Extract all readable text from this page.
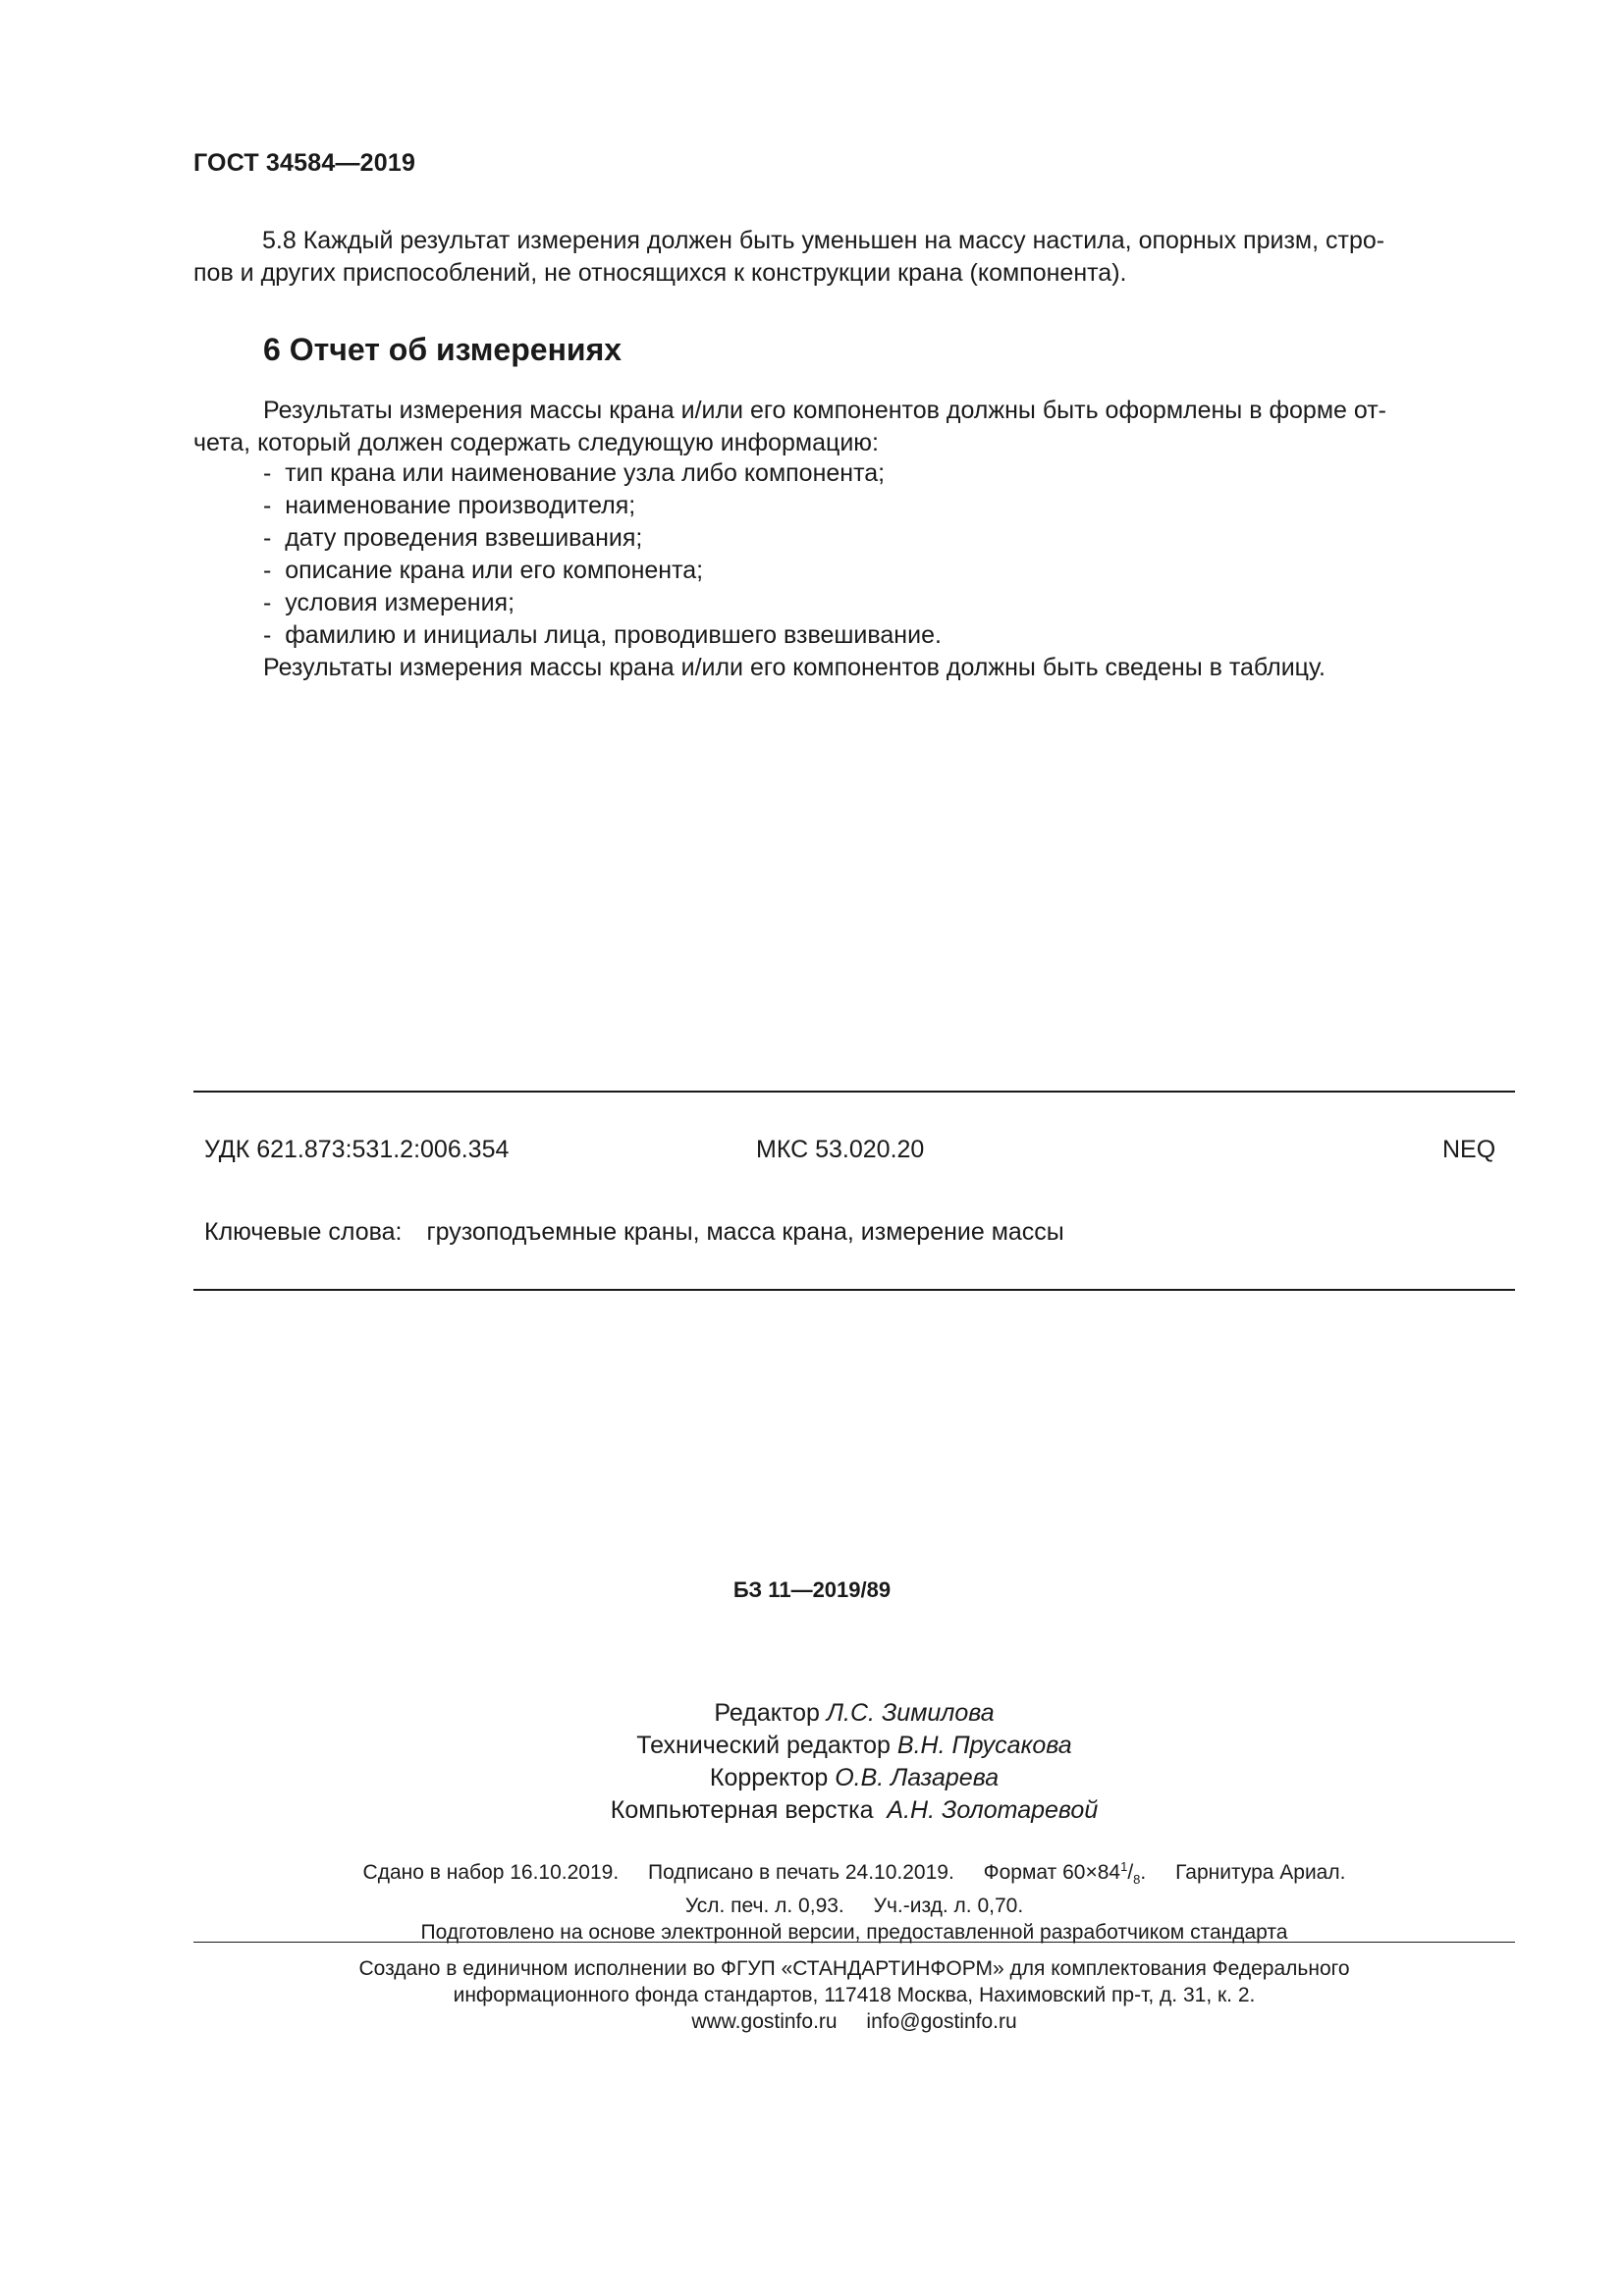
ГОСТ 34584—2019
5.8 Каждый результат измерения должен быть уменьшен на массу настила, опорных призм, стро-
пов и других приспособлений, не относящихся к конструкции крана (компонента).
6 Отчет об измерениях
Результаты измерения массы крана и/или его компонентов должны быть оформлены в форме от-
чета, который должен содержать следующую информацию:
-  тип крана или наименование узла либо компонента;
-  наименование производителя;
-  дату проведения взвешивания;
-  описание крана или его компонента;
-  условия измерения;
-  фамилию и инициалы лица, проводившего взвешивание.
Результаты измерения массы крана и/или его компонентов должны быть сведены в таблицу.
УДК 621.873:531.2:006.354	МКС 53.020.20	NEQ
Ключевые слова: грузоподъемные краны, масса крана, измерение массы
БЗ 11—2019/89
Редактор Л.С. Зимилова
Технический редактор В.Н. Прусакова
Корректор О.В. Лазарева
Компьютерная верстка А.Н. Золотаревой
Сдано в набор 16.10.2019. Подписано в печать 24.10.2019. Формат $60\times 84^1/_8$. Гарнитура Ариал.
Усл. печ. л. 0,93. Уч.-изд. л. 0,70.
Подготовлено на основе электронной версии, предоставленной разработчиком стандарта
Создано в единичном исполнении во ФГУП «СТАНДАРТИНФОРМ» для комплектования Федерального
информационного фонда стандартов, 117418 Москва, Нахимовский пр-т, д. 31, к. 2.
www.gostinfo.ru info@gostinfo.ru
